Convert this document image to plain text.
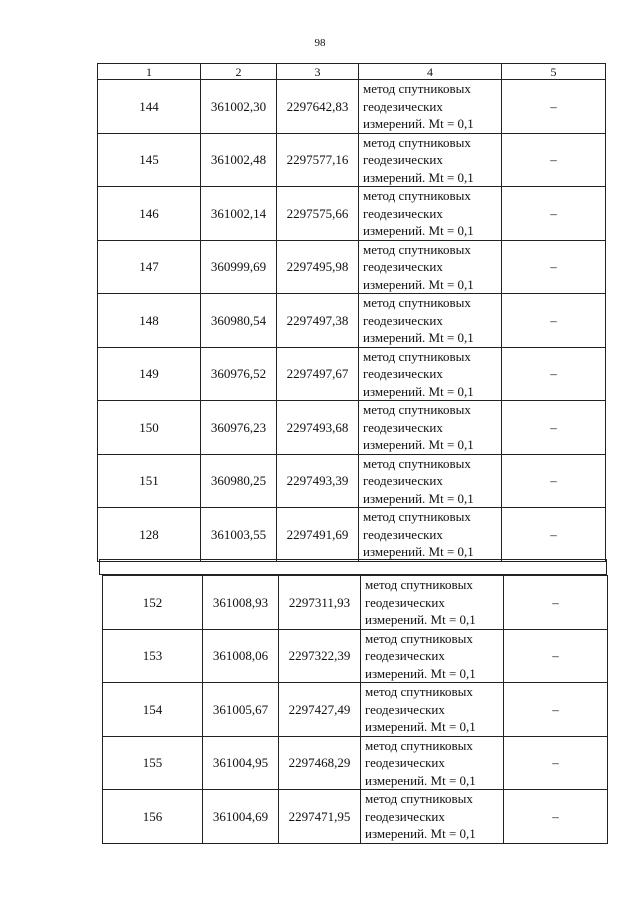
98
1	2	3	4	5
144	361002,30	2297642,83	метод спутниковых
геодезических
измерений. Mt = 0,1	–
145	361002,48	2297577,16	метод спутниковых
геодезических
измерений. Mt = 0,1	–
146	361002,14	2297575,66	метод спутниковых
геодезических
измерений. Mt = 0,1	–
147	360999,69	2297495,98	метод спутниковых
геодезических
измерений. Mt = 0,1	–
148	360980,54	2297497,38	метод спутниковых
геодезических
измерений. Mt = 0,1	–
149	360976,52	2297497,67	метод спутниковых
геодезических
измерений. Mt = 0,1	–
150	360976,23	2297493,68	метод спутниковых
геодезических
измерений. Mt = 0,1	–
151	360980,25	2297493,39	метод спутниковых
геодезических
измерений. Mt = 0,1	–
128	361003,55	2297491,69	метод спутниковых
геодезических
измерений. Mt = 0,1	–
152	361008,93	2297311,93	метод спутниковых
геодезических
измерений. Mt = 0,1	–
153	361008,06	2297322,39	метод спутниковых
геодезических
измерений. Mt = 0,1	–
154	361005,67	2297427,49	метод спутниковых
геодезических
измерений. Mt = 0,1	–
155	361004,95	2297468,29	метод спутниковых
геодезических
измерений. Mt = 0,1	–
156	361004,69	2297471,95	метод спутниковых
геодезических
измерений. Mt = 0,1	–
